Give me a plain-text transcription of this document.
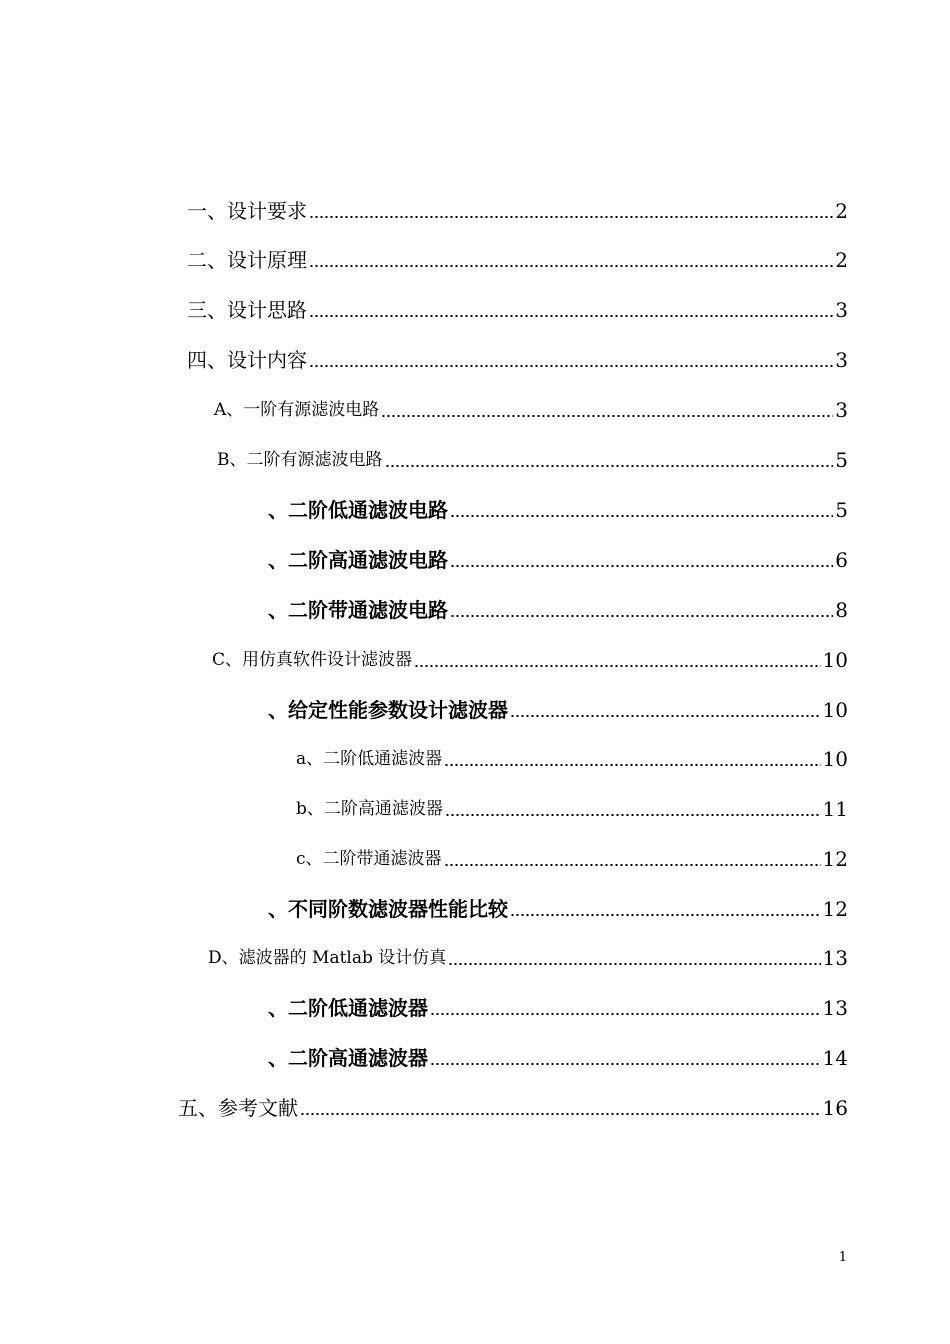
一、设计要求	2
二、设计原理	2
三、设计思路	3
四、设计内容	3
A、一阶有源滤波电路	3
B、二阶有源滤波电路	5
、二阶低通滤波电路	5
、二阶高通滤波电路	6
、二阶带通滤波电路	8
C、用仿真软件设计滤波器	10
、给定性能参数设计滤波器	10
a、二阶低通滤波器	10
b、二阶高通滤波器	11
c、二阶带通滤波器	12
、不同阶数滤波器性能比较	12
D、滤波器的 Matlab 设计仿真	13
、二阶低通滤波器	13
、二阶高通滤波器	14
五、参考文献	16
1
